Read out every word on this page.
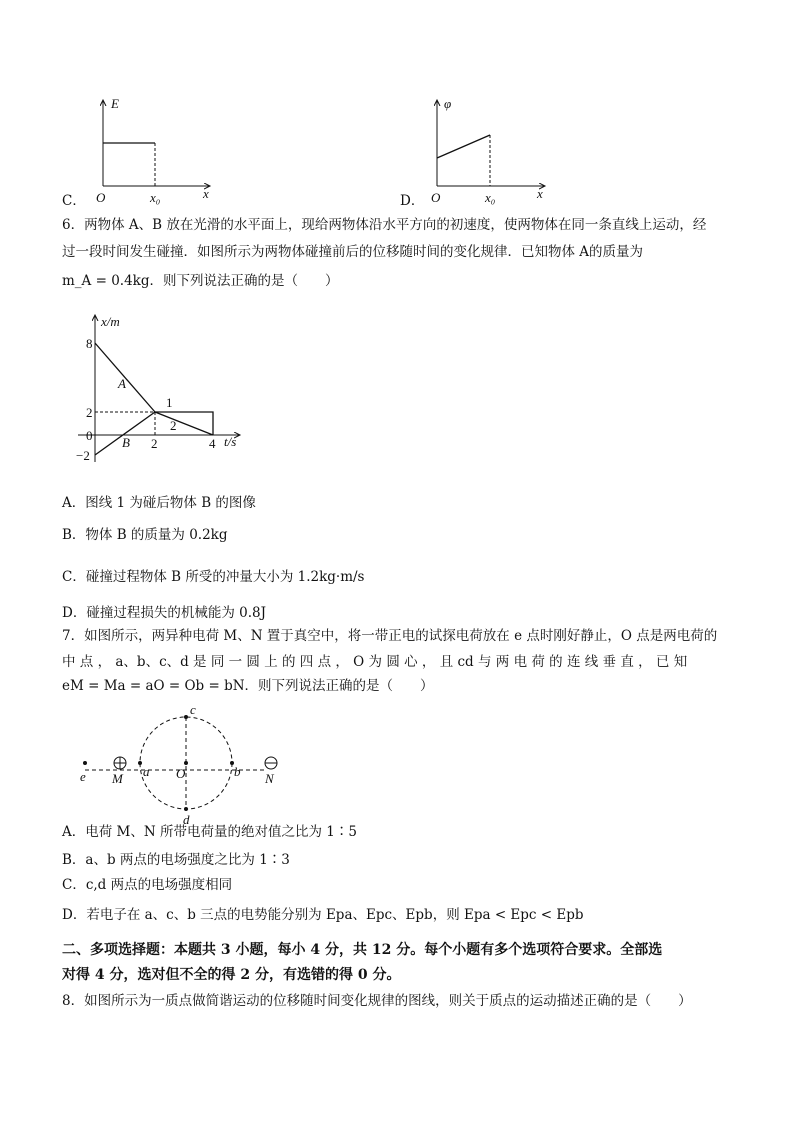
E
O	x₀	x
C．
φ
O	x₀	x
D．
6．两物体 A、B 放在光滑的水平面上，现给两物体沿水平方向的初速度，使两物体在同一条直线上运动，经
过一段时间发生碰撞．如图所示为两物体碰撞前后的位移随时间的变化规律．已知物体 A的质量为
m_A = 0.4kg．则下列说法正确的是（　　）
x/m
8
2
0
−2
2	4 t/s
A
B
1
2
A．图线 1 为碰后物体 B 的图像
B．物体 B 的质量为 0.2kg
C．碰撞过程物体 B 所受的冲量大小为 1.2kg·m/s
D．碰撞过程损失的机械能为 0.8J
7．如图所示，两异种电荷 M、N 置于真空中，将一带正电的试探电荷放在 e 点时刚好静止，O 点是两电荷的
中 点 ， a、b、c、d 是 同 一 圆 上 的 四 点 ， O 为 圆 心 ， 且 cd 与 两 电 荷 的 连 线 垂 直 ， 已 知
eM = Ma = aO = Ob = bN．则下列说法正确的是（　　）
e M a O	b N
c
d
A．电荷 M、N 所带电荷量的绝对值之比为 1∶5
B．a、b 两点的电场强度之比为 1∶3
C．c,d 两点的电场强度相同
D．若电子在 a、c、b 三点的电势能分别为 Epa、Epc、Epb，则 Epa < Epc < Epb
二、多项选择题：本题共 3 小题，每小 4 分，共 12 分。每个小题有多个选项符合要求。全部选
对得 4 分，选对但不全的得 2 分，有选错的得 0 分。
8．如图所示为一质点做简谐运动的位移随时间变化规律的图线，则关于质点的运动描述正确的是（　　）
